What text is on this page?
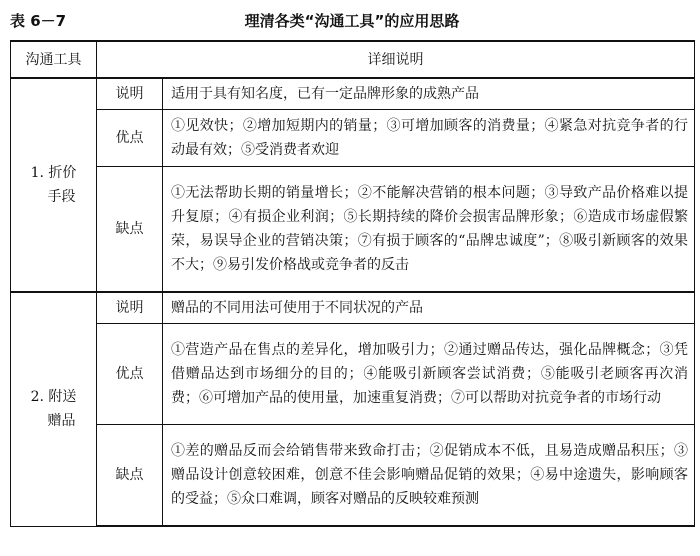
表 6－7	理清各类“沟通工具”的应用思路
沟通工具	详细说明	

1. 折价
手段	说明	适用于具有知名度，已有一定品牌形象的成熟产品
	优点	①见效快；②增加短期内的销量；③可增加顾客的消费量；④紧急对抗竞争者的行动最有效；⑤受消费者欢迎
	缺点	①无法帮助长期的销量增长；②不能解决营销的根本问题；③导致产品价格难以提升复原；④有损企业利润；⑤长期持续的降价会损害品牌形象；⑥造成市场虚假繁荣，易误导企业的营销决策；⑦有损于顾客的“品牌忠诚度”；⑧吸引新顾客的效果不大；⑨易引发价格战或竞争者的反击

2. 附送
赠品	说明	赠品的不同用法可使用于不同状况的产品
	优点	①营造产品在售点的差异化，增加吸引力；②通过赠品传达，强化品牌概念；③凭借赠品达到市场细分的目的；④能吸引新顾客尝试消费；⑤能吸引老顾客再次消费；⑥可增加产品的使用量，加速重复消费；⑦可以帮助对抗竞争者的市场行动
	缺点	①差的赠品反而会给销售带来致命打击；②促销成本不低，且易造成赠品积压；③赠品设计创意较困难，创意不佳会影响赠品促销的效果；④易中途遗失，影响顾客的受益；⑤众口难调，顾客对赠品的反映较难预测
